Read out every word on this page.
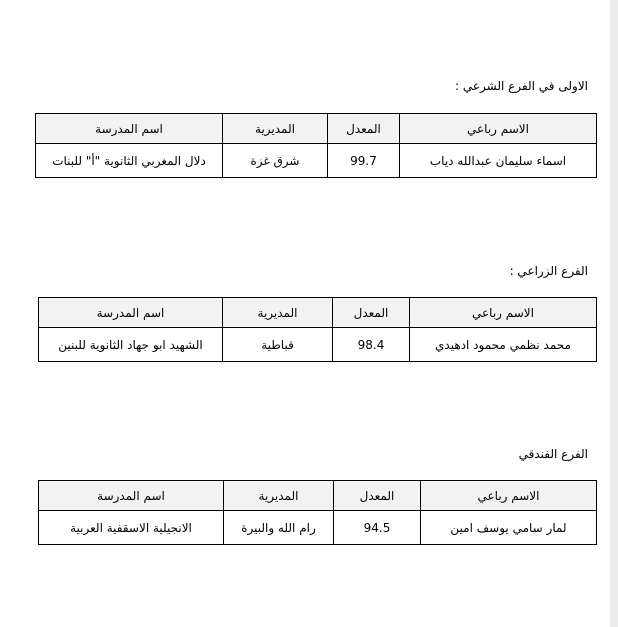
الاولى في الفرع الشرعي :
الاسم رباعي	المعدل	المديرية	اسم المدرسة
اسماء سليمان عبدالله دياب	99.7	شرق غزة	دلال المغربي الثانوية "أ" للبنات
الفرع الزراعي :
الاسم رباعي	المعدل	المديرية	اسم المدرسة
محمد نظمي محمود ادهيدي	98.4	قباطية	الشهيد ابو جهاد الثانوية للبنين
الفرع الفندقي
الاسم رباعي	المعدل	المديرية	اسم المدرسة
لمار سامي يوسف امين	94.5	رام الله والبيرة	الانجيلية الاسقفية العربية
